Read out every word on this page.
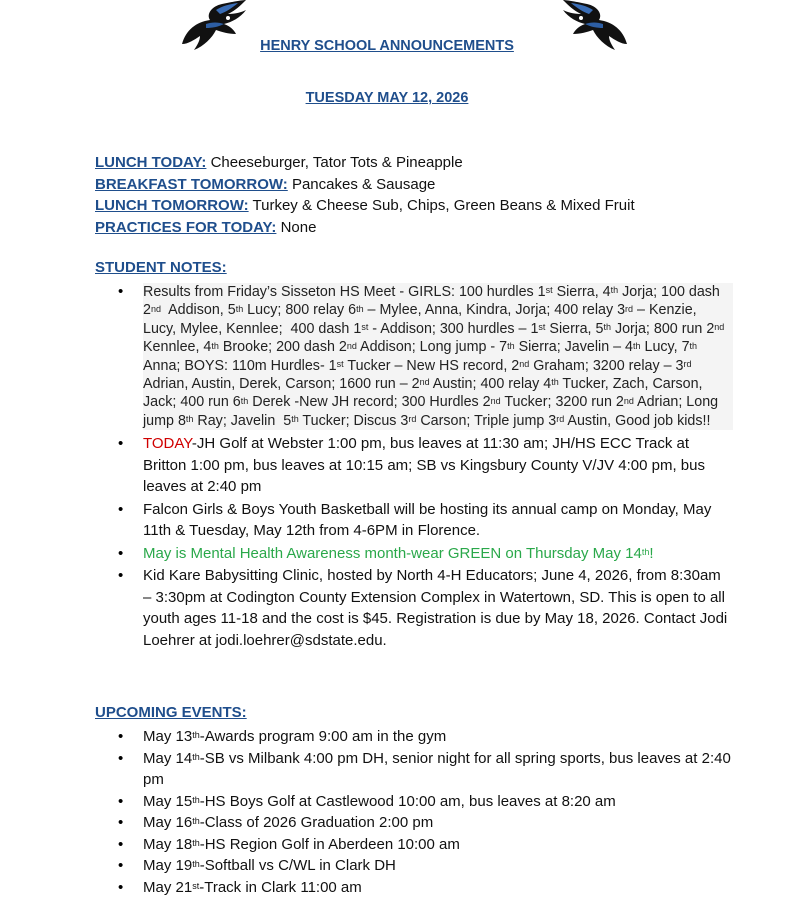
HENRY SCHOOL ANNOUNCEMENTS
TUESDAY MAY 12, 2026
LUNCH TODAY: Cheeseburger, Tator Tots & Pineapple
BREAKFAST TOMORROW: Pancakes & Sausage
LUNCH TOMORROW: Turkey & Cheese Sub, Chips, Green Beans & Mixed Fruit
PRACTICES FOR TODAY: None
STUDENT NOTES:
• Results from Friday’s Sisseton HS Meet - GIRLS: 100 hurdles 1st Sierra, 4th Jorja; 100 dash 2nd  Addison, 5th Lucy; 800 relay 6th – Mylee, Anna, Kindra, Jorja; 400 relay 3rd – Kenzie, Lucy, Mylee, Kennlee;  400 dash 1st - Addison; 300 hurdles – 1st Sierra, 5th Jorja; 800 run 2nd Kennlee, 4th Brooke; 200 dash 2nd Addison; Long jump - 7th Sierra; Javelin – 4th Lucy, 7th Anna; BOYS: 110m Hurdles- 1st Tucker – New HS record, 2nd Graham; 3200 relay – 3rd Adrian, Austin, Derek, Carson; 1600 run – 2nd Austin; 400 relay 4th Tucker, Zach, Carson, Jack; 400 run 6th Derek -New JH record; 300 Hurdles 2nd Tucker; 3200 run 2nd Adrian; Long jump 8th Ray; Javelin  5th Tucker; Discus 3rd Carson; Triple jump 3rd Austin, Good job kids!!
• TODAY-JH Golf at Webster 1:00 pm, bus leaves at 11:30 am; JH/HS ECC Track at Britton 1:00 pm, bus leaves at 10:15 am; SB vs Kingsbury County V/JV 4:00 pm, bus leaves at 2:40 pm
• Falcon Girls & Boys Youth Basketball will be hosting its annual camp on Monday, May 11th & Tuesday, May 12th from 4-6PM in Florence.
• May is Mental Health Awareness month-wear GREEN on Thursday May 14th!
• Kid Kare Babysitting Clinic, hosted by North 4-H Educators; June 4, 2026, from 8:30am – 3:30pm at Codington County Extension Complex in Watertown, SD. This is open to all youth ages 11-18 and the cost is $45. Registration is due by May 18, 2026. Contact Jodi Loehrer at jodi.loehrer@sdstate.edu.
UPCOMING EVENTS:
• May 13th-Awards program 9:00 am in the gym
• May 14th-SB vs Milbank 4:00 pm DH, senior night for all spring sports, bus leaves at 2:40 pm
• May 15th-HS Boys Golf at Castlewood 10:00 am, bus leaves at 8:20 am
• May 16th-Class of 2026 Graduation 2:00 pm
• May 18th-HS Region Golf in Aberdeen 10:00 am
• May 19th-Softball vs C/WL in Clark DH
• May 21st-Track in Clark 11:00 am
